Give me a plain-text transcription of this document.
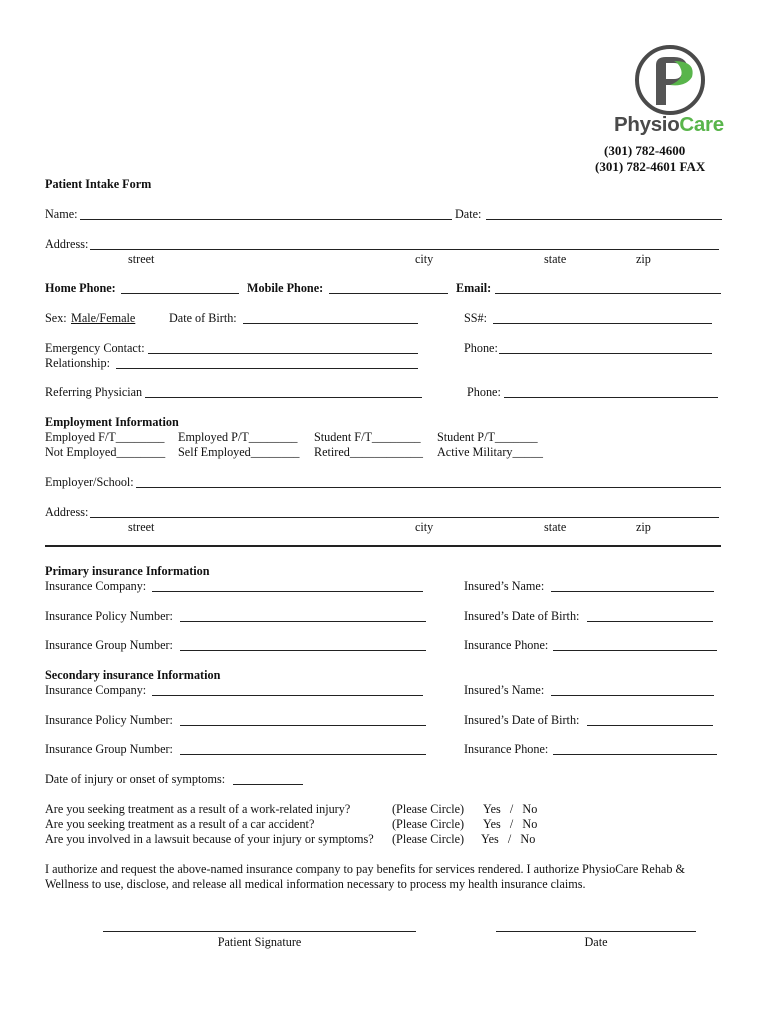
PhysioCare
(301) 782-4600
(301) 782-4601 FAX
Patient Intake Form
Name:	Date:
Address:
street	city	state	zip
Home Phone:	Mobile Phone:	Email:
Sex: Male/Female	Date of Birth:	SS#:
Emergency Contact:	Phone:
Relationship:
Referring Physician	Phone:
Employment Information
Employed F/T________ Employed P/T________ Student F/T________ Student P/T_______
Not Employed________ Self Employed________ Retired____________ Active Military_____
Employer/School:
Address:
street	city	state	zip
Primary insurance Information
Insurance Company:	Insured’s Name:
Insurance Policy Number:	Insured’s Date of Birth:
Insurance Group Number:	Insurance Phone:
Secondary insurance Information
Insurance Company:	Insured’s Name:
Insurance Policy Number:	Insured’s Date of Birth:
Insurance Group Number:	Insurance Phone:
Date of injury or onset of symptoms:
Are you seeking treatment as a result of a work-related injury?	(Please Circle) Yes   /   No
Are you seeking treatment as a result of a car accident?	(Please Circle) Yes   /   No
Are you involved in a lawsuit because of your injury or symptoms? (Please Circle) Yes   /   No
I authorize and request the above-named insurance company to pay benefits for services rendered. I authorize PhysioCare Rehab &
Wellness to use, disclose, and release all medical information necessary to process my health insurance claims.
Patient Signature	Date
